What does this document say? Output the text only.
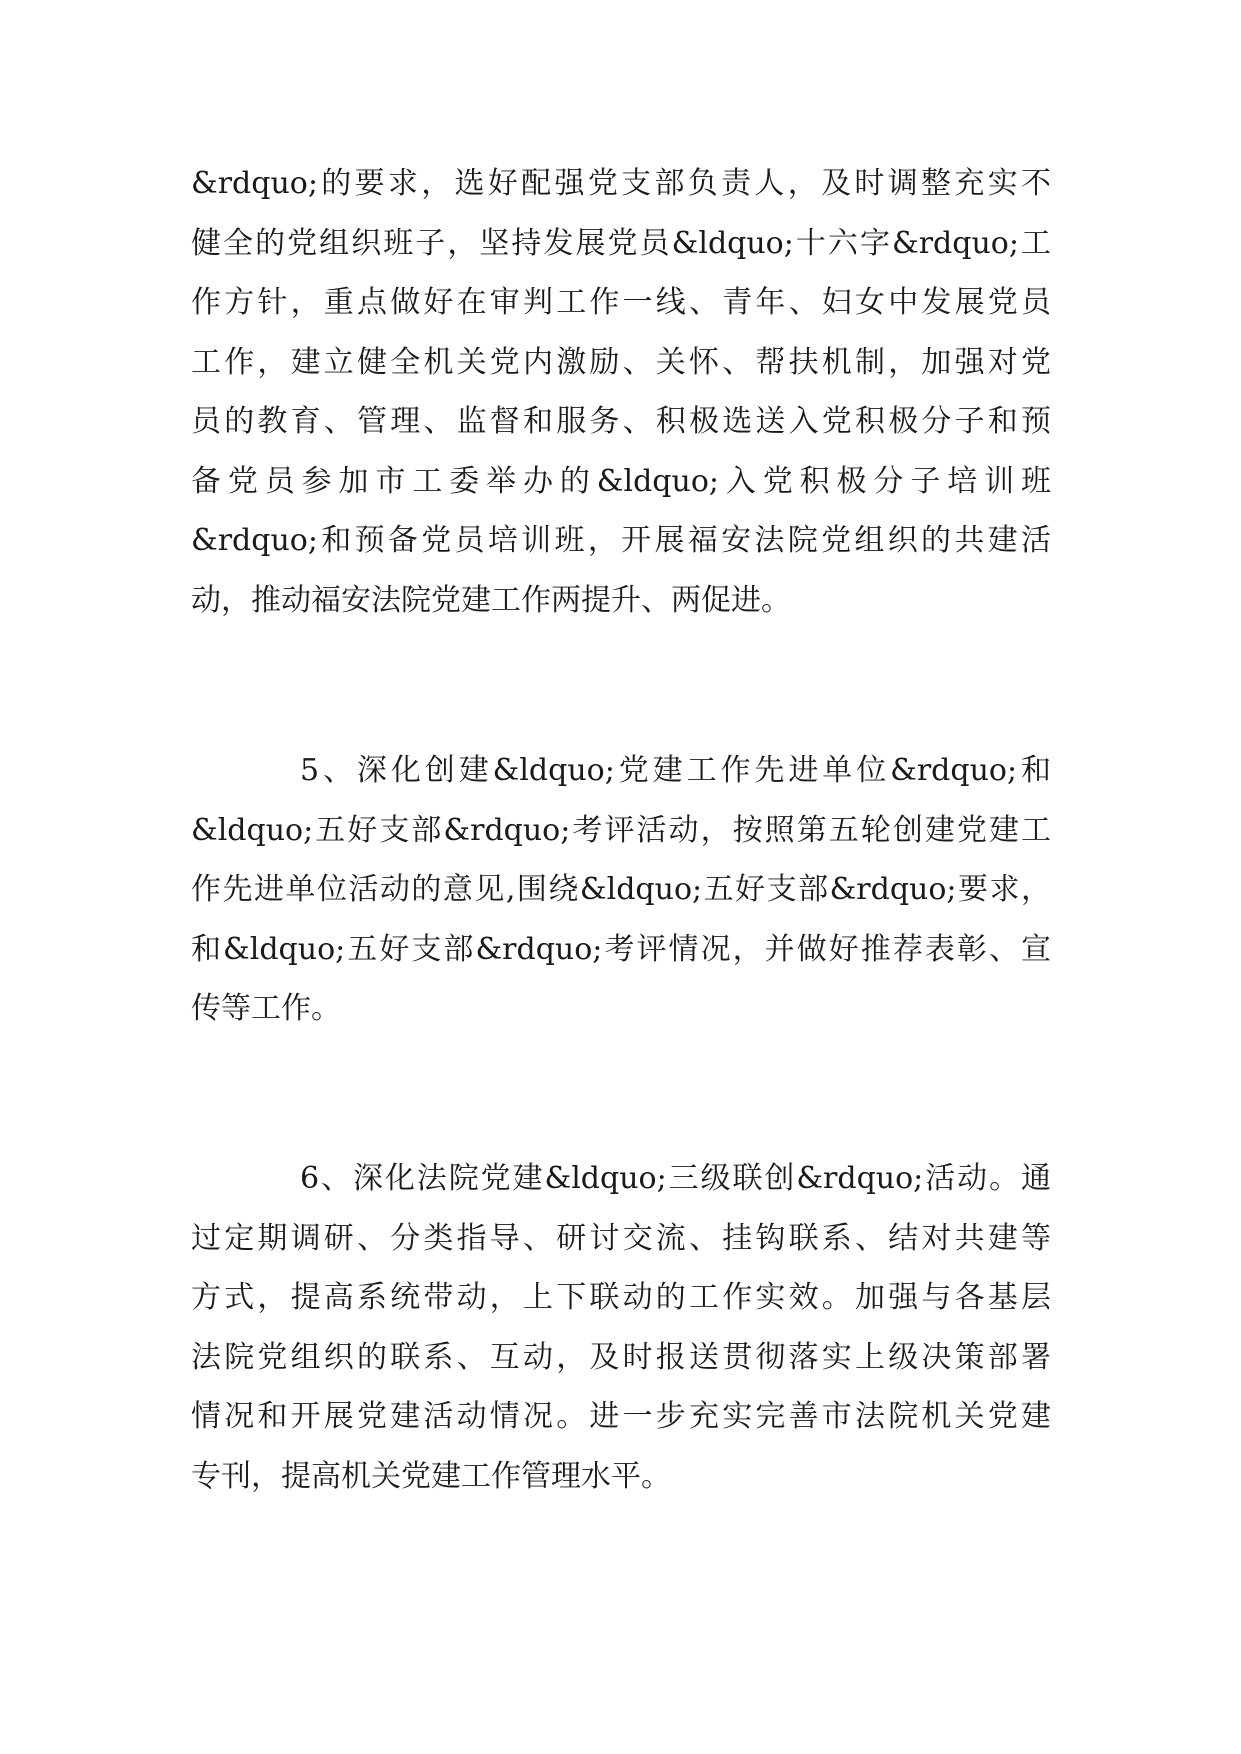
&rdquo;的要求，选好配强党支部负责人，及时调整充实不
健全的党组织班子，坚持发展党员&ldquo;十六字&rdquo;工
作方针，重点做好在审判工作一线、青年、妇女中发展党员
工作，建立健全机关党内激励、关怀、帮扶机制，加强对党
员的教育、管理、监督和服务、积极选送入党积极分子和预
备党员参加市工委举办的&ldquo;入党积极分子培训班
&rdquo;和预备党员培训班，开展福安法院党组织的共建活
动，推动福安法院党建工作两提升、两促进。
5、深化创建&ldquo;党建工作先进单位&rdquo;和
&ldquo;五好支部&rdquo;考评活动，按照第五轮创建党建工
作先进单位活动的意见,围绕&ldquo;五好支部&rdquo;要求，
和&ldquo;五好支部&rdquo;考评情况，并做好推荐表彰、宣
传等工作。
6、深化法院党建&ldquo;三级联创&rdquo;活动。通
过定期调研、分类指导、研讨交流、挂钩联系、结对共建等
方式，提高系统带动，上下联动的工作实效。加强与各基层
法院党组织的联系、互动，及时报送贯彻落实上级决策部署
情况和开展党建活动情况。进一步充实完善市法院机关党建
专刊，提高机关党建工作管理水平。
